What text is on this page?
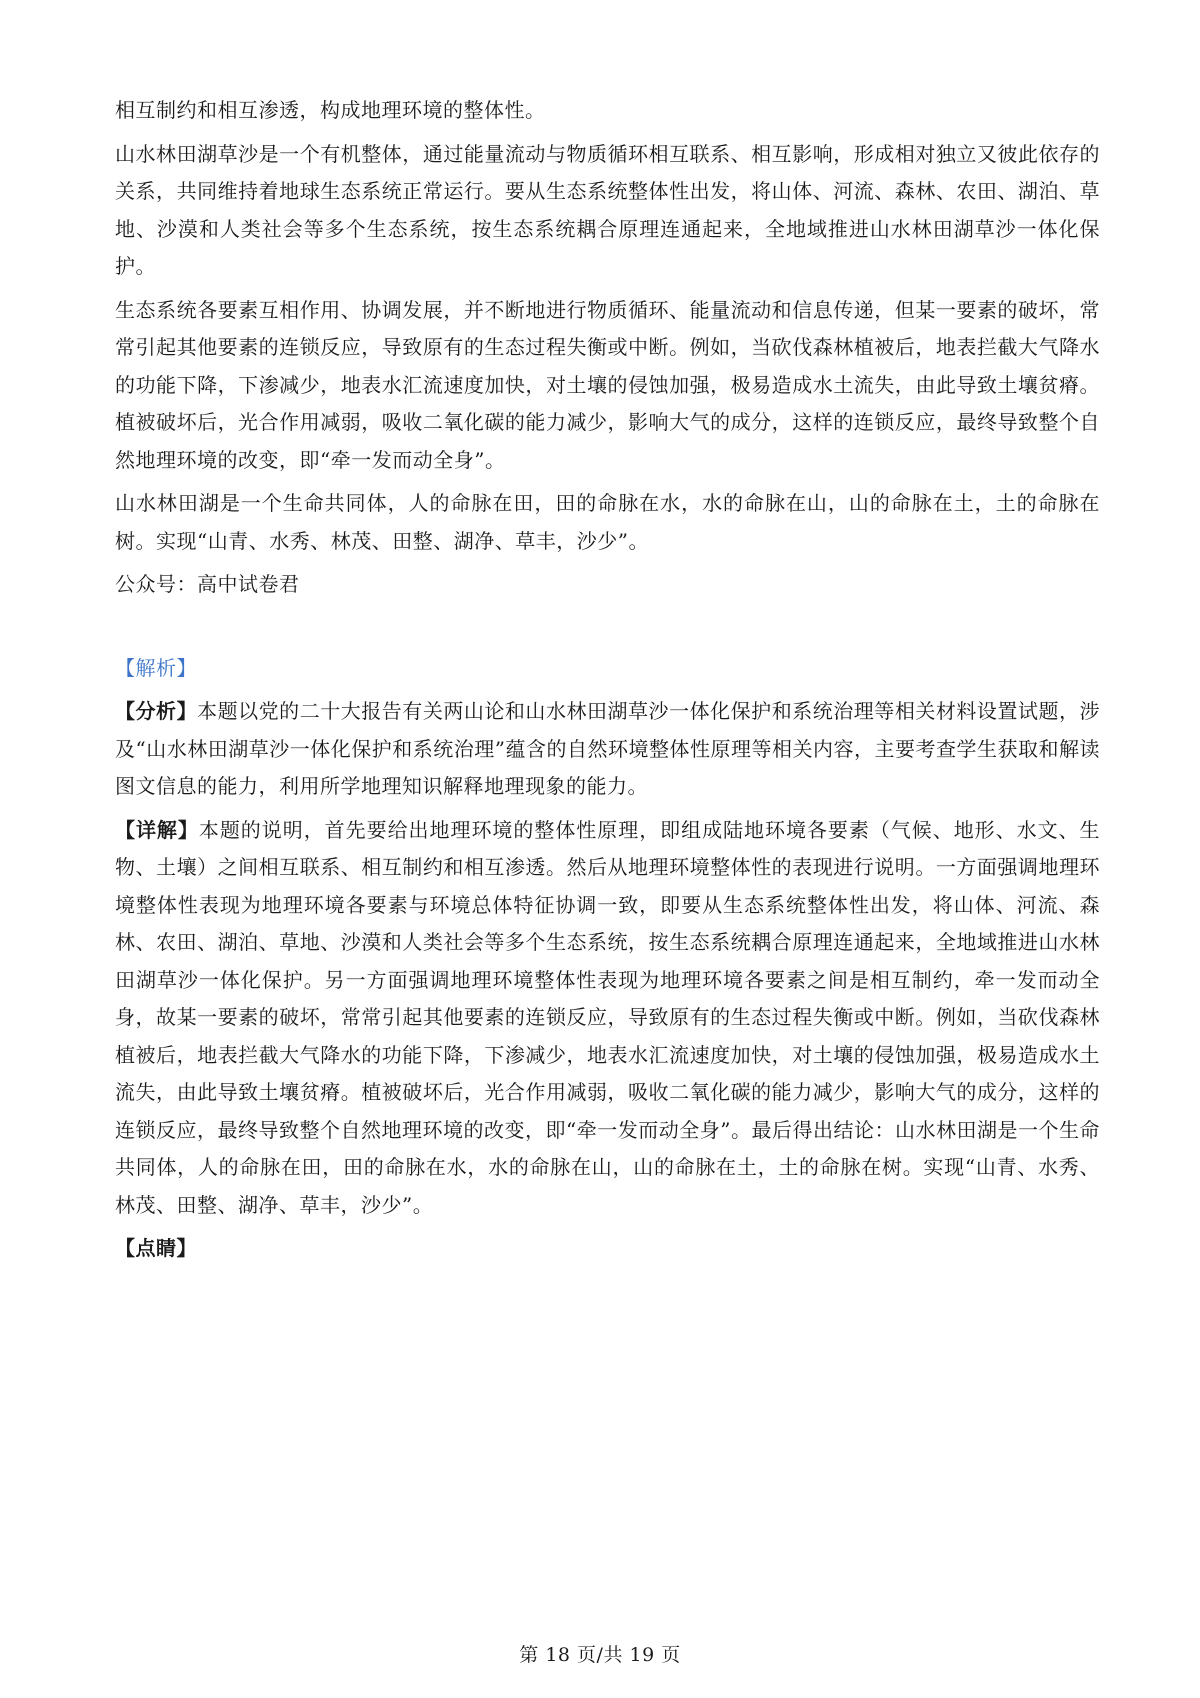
相互制约和相互渗透，构成地理环境的整体性。

山水林田湖草沙是一个有机整体，通过能量流动与物质循环相互联系、相互影响，形成相对独立又彼此依存的关系，共同维持着地球生态系统正常运行。要从生态系统整体性出发，将山体、河流、森林、农田、湖泊、草地、沙漠和人类社会等多个生态系统，按生态系统耦合原理连通起来，全地域推进山水林田湖草沙一体化保护。

生态系统各要素互相作用、协调发展，并不断地进行物质循环、能量流动和信息传递，但某一要素的破坏，常常引起其他要素的连锁反应，导致原有的生态过程失衡或中断。例如，当砍伐森林植被后，地表拦截大气降水的功能下降，下渗减少，地表水汇流速度加快，对土壤的侵蚀加强，极易造成水土流失，由此导致土壤贫瘠。植被破坏后，光合作用减弱，吸收二氧化碳的能力减少，影响大气的成分，这样的连锁反应，最终导致整个自然地理环境的改变，即“牵一发而动全身”。

山水林田湖是一个生命共同体，人的命脉在田，田的命脉在水，水的命脉在山，山的命脉在土，土的命脉在树。实现“山青、水秀、林茂、田整、湖净、草丰，沙少”。

公众号：高中试卷君

【解析】

【分析】本题以党的二十大报告有关两山论和山水林田湖草沙一体化保护和系统治理等相关材料设置试题，涉及“山水林田湖草沙一体化保护和系统治理”蕴含的自然环境整体性原理等相关内容，主要考查学生获取和解读图文信息的能力，利用所学地理知识解释地理现象的能力。

【详解】本题的说明，首先要给出地理环境的整体性原理，即组成陆地环境各要素（气候、地形、水文、生物、土壤）之间相互联系、相互制约和相互渗透。然后从地理环境整体性的表现进行说明。一方面强调地理环境整体性表现为地理环境各要素与环境总体特征协调一致，即要从生态系统整体性出发，将山体、河流、森林、农田、湖泊、草地、沙漠和人类社会等多个生态系统，按生态系统耦合原理连通起来，全地域推进山水林田湖草沙一体化保护。另一方面强调地理环境整体性表现为地理环境各要素之间是相互制约，牵一发而动全身，故某一要素的破坏，常常引起其他要素的连锁反应，导致原有的生态过程失衡或中断。例如，当砍伐森林植被后，地表拦截大气降水的功能下降，下渗减少，地表水汇流速度加快，对土壤的侵蚀加强，极易造成水土流失，由此导致土壤贫瘠。植被破坏后，光合作用减弱，吸收二氧化碳的能力减少，影响大气的成分，这样的连锁反应，最终导致整个自然地理环境的改变，即“牵一发而动全身”。最后得出结论：山水林田湖是一个生命共同体，人的命脉在田，田的命脉在水，水的命脉在山，山的命脉在土，土的命脉在树。实现“山青、水秀、林茂、田整、湖净、草丰，沙少”。

【点睛】

第 18 页/共 19 页
